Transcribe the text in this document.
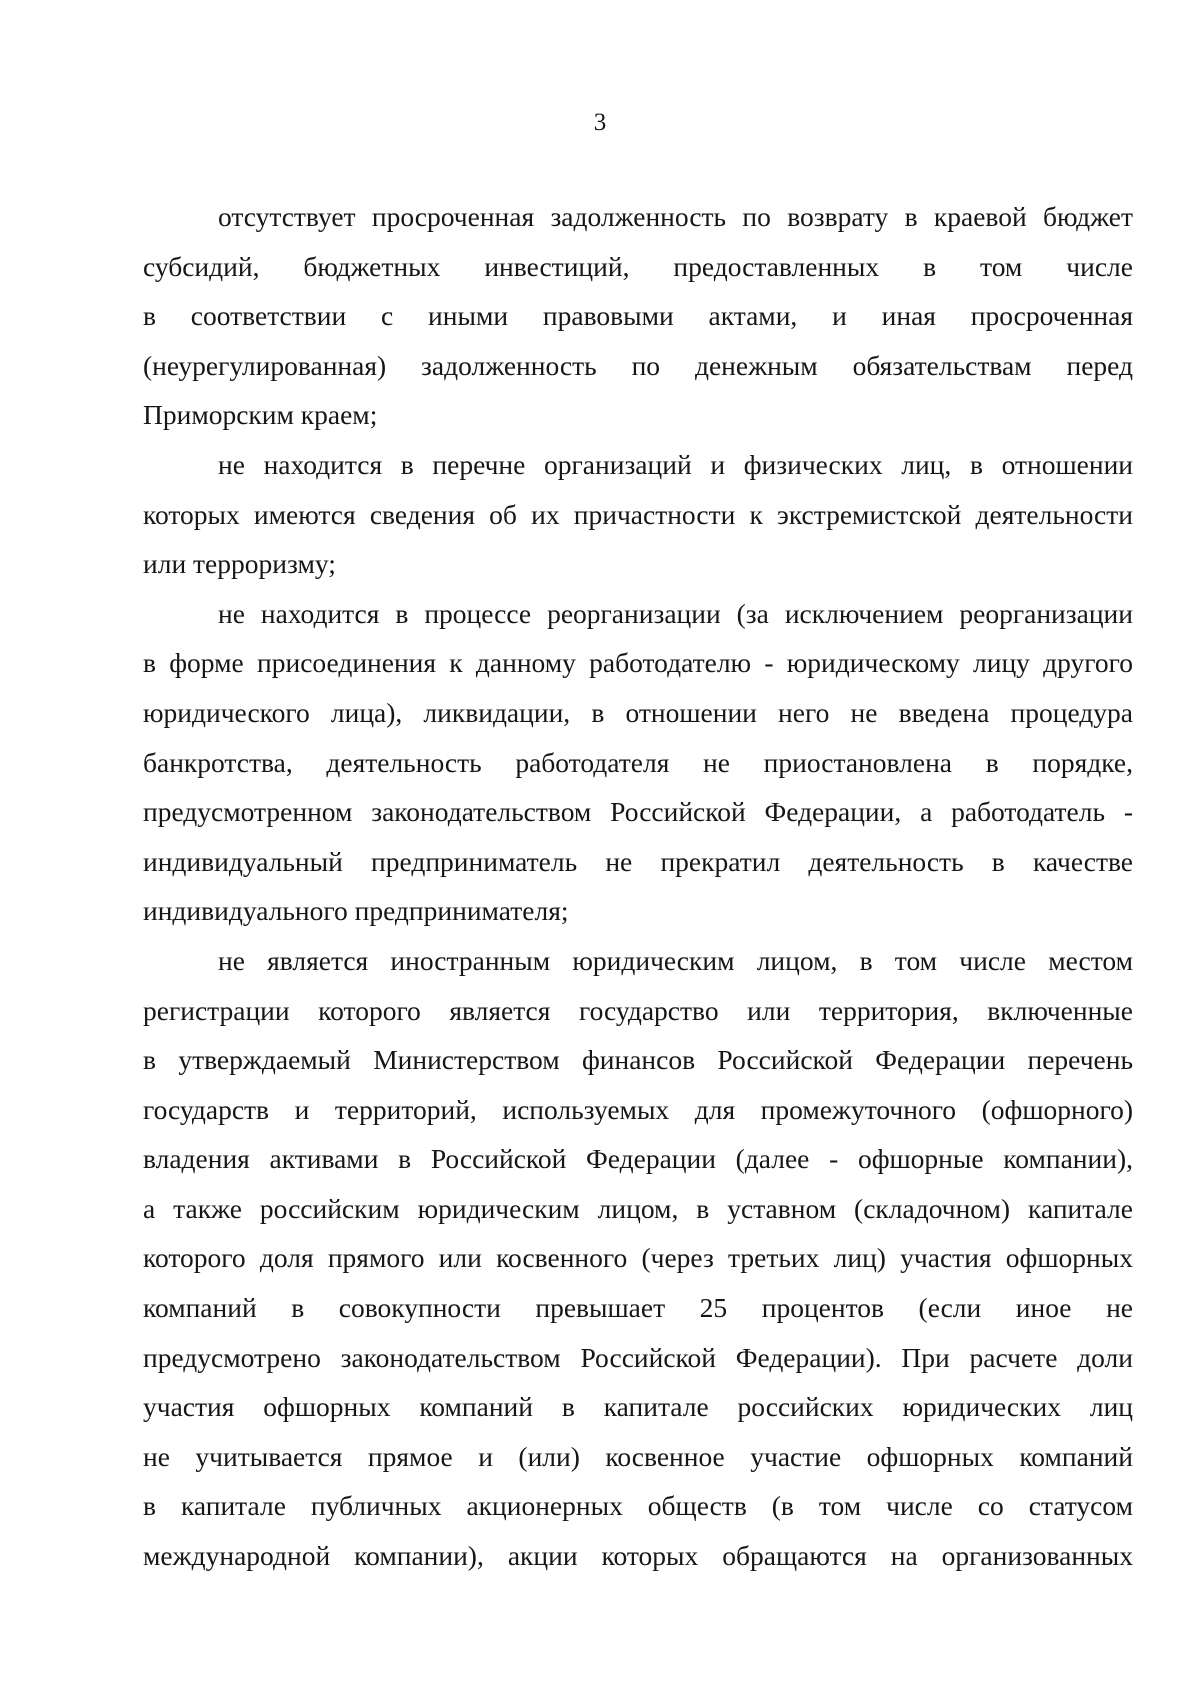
3
отсутствует просроченная задолженность по возврату в краевой бюджет
субсидий, бюджетных инвестиций, предоставленных в том числе
в соответствии с иными правовыми актами, и иная просроченная
(неурегулированная) задолженность по денежным обязательствам перед
Приморским краем;
не находится в перечне организаций и физических лиц, в отношении
которых имеются сведения об их причастности к экстремистской деятельности
или терроризму;
не находится в процессе реорганизации (за исключением реорганизации
в форме присоединения к данному работодателю - юридическому лицу другого
юридического лица), ликвидации, в отношении него не введена процедура
банкротства, деятельность работодателя не приостановлена в порядке,
предусмотренном законодательством Российской Федерации, а работодатель -
индивидуальный предприниматель не прекратил деятельность в качестве
индивидуального предпринимателя;
не является иностранным юридическим лицом, в том числе местом
регистрации которого является государство или территория, включенные
в утверждаемый Министерством финансов Российской Федерации перечень
государств и территорий, используемых для промежуточного (офшорного)
владения активами в Российской Федерации (далее - офшорные компании),
а также российским юридическим лицом, в уставном (складочном) капитале
которого доля прямого или косвенного (через третьих лиц) участия офшорных
компаний в совокупности превышает 25 процентов (если иное не
предусмотрено законодательством Российской Федерации). При расчете доли
участия офшорных компаний в капитале российских юридических лиц
не учитывается прямое и (или) косвенное участие офшорных компаний
в капитале публичных акционерных обществ (в том числе со статусом
международной компании), акции которых обращаются на организованных
